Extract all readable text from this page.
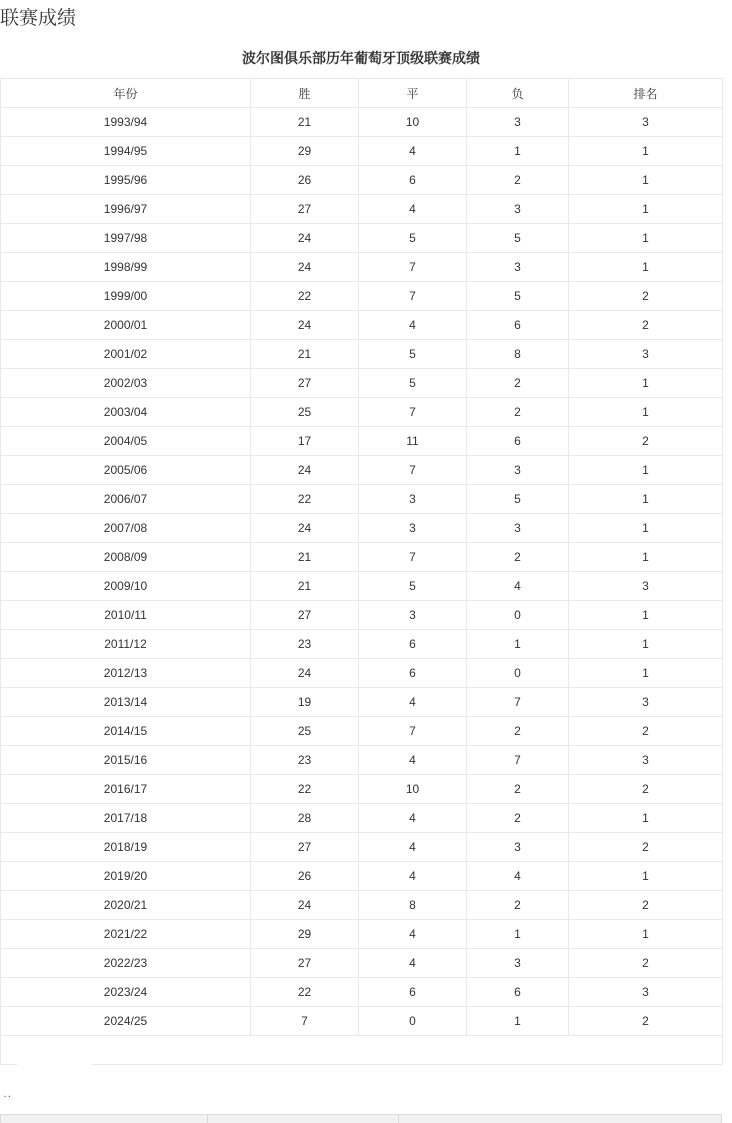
联赛成绩
波尔图俱乐部历年葡萄牙顶级联赛成绩
年份	胜	平	负	排名
1993/94	21	10	3	3
1994/95	29	4	1	1
1995/96	26	6	2	1
1996/97	27	4	3	1
1997/98	24	5	5	1
1998/99	24	7	3	1
1999/00	22	7	5	2
2000/01	24	4	6	2
2001/02	21	5	8	3
2002/03	27	5	2	1
2003/04	25	7	2	1
2004/05	17	11	6	2
2005/06	24	7	3	1
2006/07	22	3	5	1
2007/08	24	3	3	1
2008/09	21	7	2	1
2009/10	21	5	4	3
2010/11	27	3	0	1
2011/12	23	6	1	1
2012/13	24	6	0	1
2013/14	19	4	7	3
2014/15	25	7	2	2
2015/16	23	4	7	3
2016/17	22	10	2	2
2017/18	28	4	2	1
2018/19	27	4	3	2
2019/20	26	4	4	1
2020/21	24	8	2	2
2021/22	29	4	1	1
2022/23	27	4	3	2
2023/24	22	6	6	3
2024/25	7	0	1	2

..
